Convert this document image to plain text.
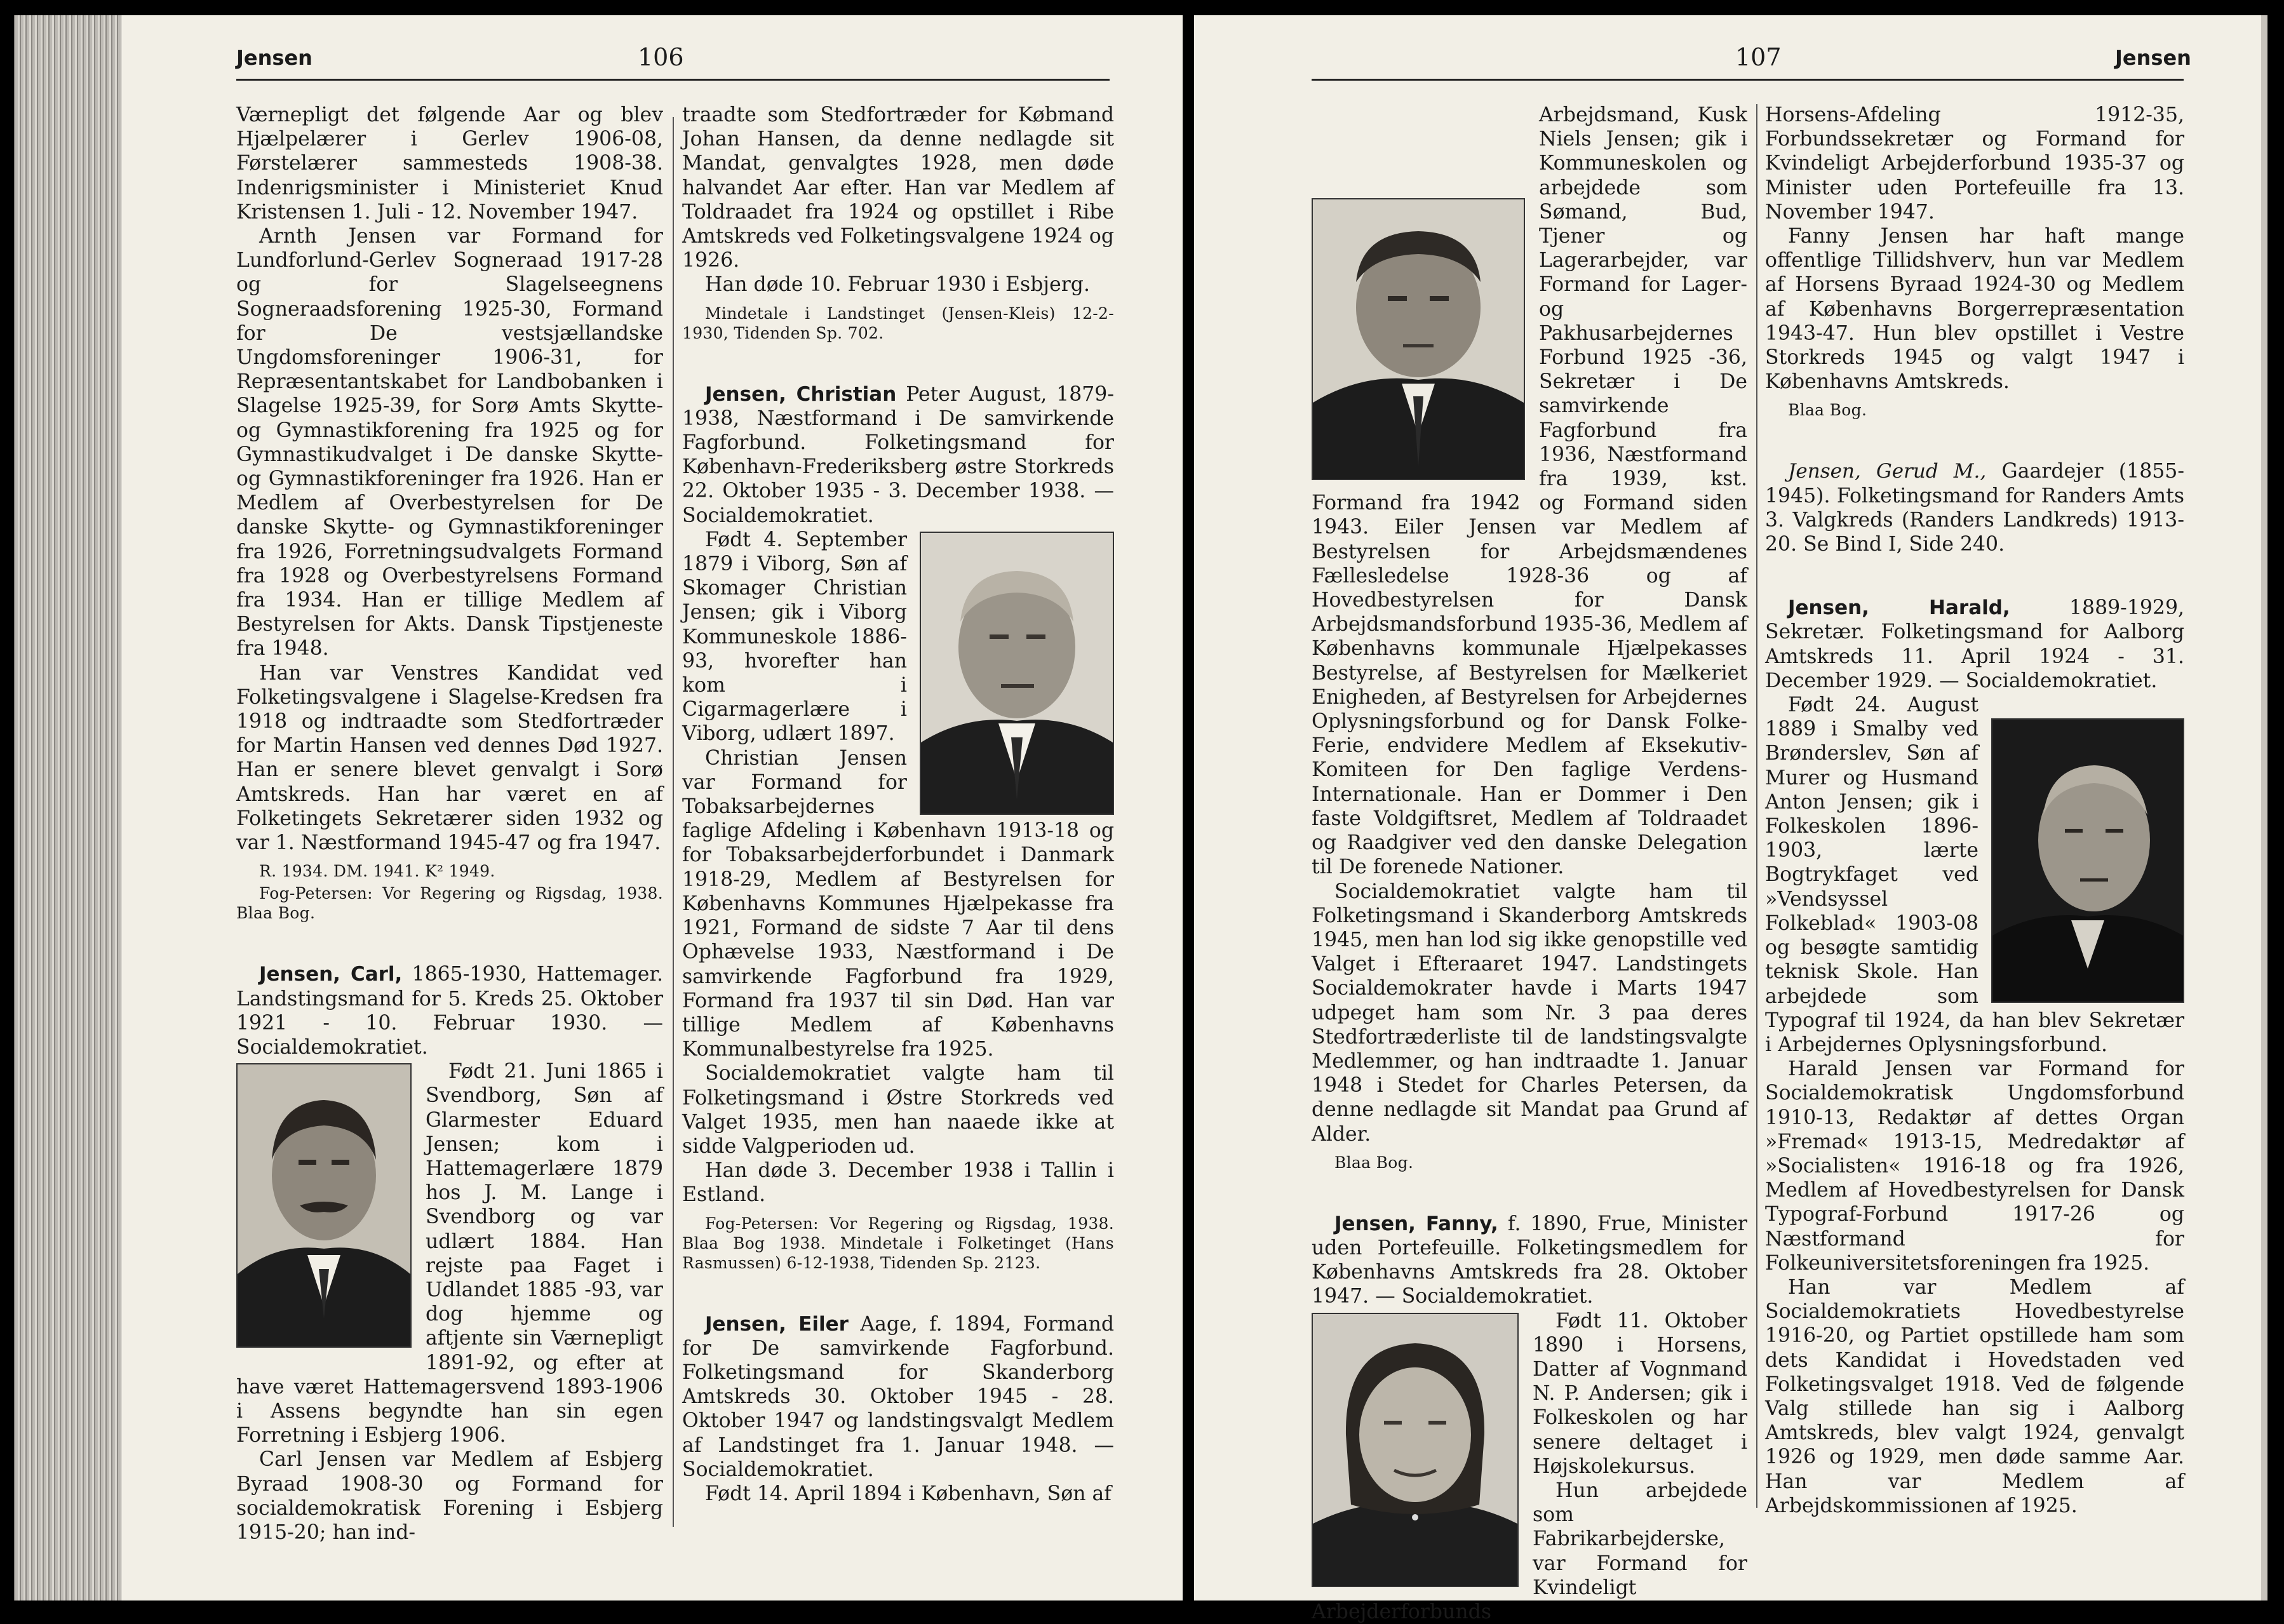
Jensen	106

Værnepligt det følgende Aar og blev Hjælpelærer i Gerlev 1906-08, Førstelærer sammesteds 1908-38. Indenrigsminister i Ministeriet Knud Kristensen 1. Juli - 12. November 1947.

Arnth Jensen var Formand for Lundforlund-Gerlev Sogneraad 1917-28 og for Slagelseegnens Sogneraadsforening 1925-30, Formand for De vestsjællandske Ungdomsforeninger 1906-31, for Repræsentantskabet for Landbobanken i Slagelse 1925-39, for Sorø Amts Skytte- og Gymnastikforening fra 1925 og for Gymnastikudvalget i De danske Skytte- og Gymnastikforeninger fra 1926. Han er Medlem af Overbestyrelsen for De danske Skytte- og Gymnastikforeninger fra 1926, Forretningsudvalgets Formand fra 1928 og Overbestyrelsens Formand fra 1934. Han er tillige Medlem af Bestyrelsen for Akts. Dansk Tipstjeneste fra 1948.

Han var Venstres Kandidat ved Folketingsvalgene i Slagelse-Kredsen fra 1918 og indtraadte som Stedfortræder for Martin Hansen ved dennes Død 1927. Han er senere blevet genvalgt i Sorø Amtskreds. Han har været en af Folketingets Sekretærer siden 1932 og var 1. Næstformand 1945-47 og fra 1947.

R. 1934. DM. 1941. K² 1949.

Fog-Petersen: Vor Regering og Rigsdag, 1938. Blaa Bog.

Jensen, Carl, 1865-1930, Hattemager. Landstingsmand for 5. Kreds 25. Oktober 1921 - 10. Februar 1930. — Socialdemokratiet.

Født 21. Juni 1865 i Svendborg, Søn af Glarmester Eduard Jensen; kom i Hattemagerlære 1879 hos J. M. Lange i Svendborg og var udlært 1884. Han rejste paa Faget i Udlandet 1885 -93, var dog hjemme og aftjente sin Værnepligt 1891-92, og efter at have været Hattemagersvend 1893-1906 i Assens begyndte han sin egen Forretning i Esbjerg 1906.

Carl Jensen var Medlem af Esbjerg Byraad 1908-30 og Formand for socialdemokratisk Forening i Esbjerg 1915-20; han ind-

traadte som Stedfortræder for Købmand Johan Hansen, da denne nedlagde sit Mandat, genvalgtes 1928, men døde halvandet Aar efter. Han var Medlem af Toldraadet fra 1924 og opstillet i Ribe Amtskreds ved Folketingsvalgene 1924 og 1926.

Han døde 10. Februar 1930 i Esbjerg.

Mindetale i Landstinget (Jensen-Kleis) 12-2-1930, Tidenden Sp. 702.

Jensen, Christian Peter August, 1879-1938, Næstformand i De samvirkende Fagforbund. Folketingsmand for København-Frederiksberg østre Storkreds 22. Oktober 1935 - 3. December 1938. — Socialdemokratiet.

Født 4. September 1879 i Viborg, Søn af Skomager Christian Jensen; gik i Viborg Kommuneskole 1886-93, hvorefter han kom i Cigarmagerlære i Viborg, udlært 1897.

Christian Jensen var Formand for Tobaksarbejdernes faglige Afdeling i København 1913-18 og for Tobaksarbejderforbundet i Danmark 1918-29, Medlem af Bestyrelsen for Københavns Kommunes Hjælpekasse fra 1921, Formand de sidste 7 Aar til dens Ophævelse 1933, Næstformand i De samvirkende Fagforbund fra 1929, Formand fra 1937 til sin Død. Han var tillige Medlem af Københavns Kommunalbestyrelse fra 1925.

Socialdemokratiet valgte ham til Folketingsmand i Østre Storkreds ved Valget 1935, men han naaede ikke at sidde Valgperioden ud.

Han døde 3. December 1938 i Tallin i Estland.

Fog-Petersen: Vor Regering og Rigsdag, 1938. Blaa Bog 1938. Mindetale i Folketinget (Hans Rasmussen) 6-12-1938, Tidenden Sp. 2123.

Jensen, Eiler Aage, f. 1894, Formand for De samvirkende Fagforbund. Folketingsmand for Skanderborg Amtskreds 30. Oktober 1945 - 28. Oktober 1947 og landstingsvalgt Medlem af Landstinget fra 1. Januar 1948. — Socialdemokratiet.

Født 14. April 1894 i København, Søn af

107	Jensen

Arbejdsmand, Kusk Niels Jensen; gik i Kommuneskolen og arbejdede som Sømand, Bud, Tjener og Lagerarbejder, var Formand for Lager- og Pakhusarbejdernes Forbund 1925 -36, Sekretær i De samvirkende Fagforbund fra 1936, Næstformand fra 1939, kst. Formand fra 1942 og Formand siden 1943. Eiler Jensen var Medlem af Bestyrelsen for Arbejdsmændenes Fællesledelse 1928-36 og af Hovedbestyrelsen for Dansk Arbejdsmandsforbund 1935-36, Medlem af Københavns kommunale Hjælpekasses Bestyrelse, af Bestyrelsen for Mælkeriet Enigheden, af Bestyrelsen for Arbejdernes Oplysningsforbund og for Dansk Folke-Ferie, endvidere Medlem af Eksekutiv-Komiteen for Den faglige Verdens-Internationale. Han er Dommer i Den faste Voldgiftsret, Medlem af Toldraadet og Raadgiver ved den danske Delegation til De forenede Nationer.

Socialdemokratiet valgte ham til Folketingsmand i Skanderborg Amtskreds 1945, men han lod sig ikke genopstille ved Valget i Efteraaret 1947. Landstingets Socialdemokrater havde i Marts 1947 udpeget ham som Nr. 3 paa deres Stedfortræderliste til de landstingsvalgte Medlemmer, og han indtraadte 1. Januar 1948 i Stedet for Charles Petersen, da denne nedlagde sit Mandat paa Grund af Alder.

Blaa Bog.

Jensen, Fanny, f. 1890, Frue, Minister uden Portefeuille. Folketingsmedlem for Københavns Amtskreds fra 28. Oktober 1947. — Socialdemokratiet.

Født 11. Oktober 1890 i Horsens, Datter af Vognmand N. P. Andersen; gik i Folkeskolen og har senere deltaget i Højskolekursus.

Hun arbejdede som Fabrikarbejderske, var Formand for Kvindeligt Arbejderforbunds

Horsens-Afdeling 1912-35, Forbundssekretær og Formand for Kvindeligt Arbejderforbund 1935-37 og Minister uden Portefeuille fra 13. November 1947.

Fanny Jensen har haft mange offentlige Tillidshverv, hun var Medlem af Horsens Byraad 1924-30 og Medlem af Københavns Borgerrepræsentation 1943-47. Hun blev opstillet i Vestre Storkreds 1945 og valgt 1947 i Københavns Amtskreds.

Blaa Bog.

Jensen, Gerud M., Gaardejer (1855-1945). Folketingsmand for Randers Amts 3. Valgkreds (Randers Landkreds) 1913-20. Se Bind I, Side 240.

Jensen, Harald, 1889-1929, Sekretær. Folketingsmand for Aalborg Amtskreds 11. April 1924 - 31. December 1929. — Socialdemokratiet.

Født 24. August 1889 i Smalby ved Brønderslev, Søn af Murer og Husmand Anton Jensen; gik i Folkeskolen 1896-1903, lærte Bogtrykfaget ved »Vendsyssel Folkeblad« 1903-08 og besøgte samtidig teknisk Skole. Han arbejdede som Typograf til 1924, da han blev Sekretær i Arbejdernes Oplysningsforbund.

Harald Jensen var Formand for Socialdemokratisk Ungdomsforbund 1910-13, Redaktør af dettes Organ »Fremad« 1913-15, Medredaktør af »Socialisten« 1916-18 og fra 1926, Medlem af Hovedbestyrelsen for Dansk Typograf-Forbund 1917-26 og Næstformand for Folkeuniversitetsforeningen fra 1925.

Han var Medlem af Socialdemokratiets Hovedbestyrelse 1916-20, og Partiet opstillede ham som dets Kandidat i Hovedstaden ved Folketingsvalget 1918. Ved de følgende Valg stillede han sig i Aalborg Amtskreds, blev valgt 1924, genvalgt 1926 og 1929, men døde samme Aar. Han var Medlem af Arbejdskommissionen af 1925.
